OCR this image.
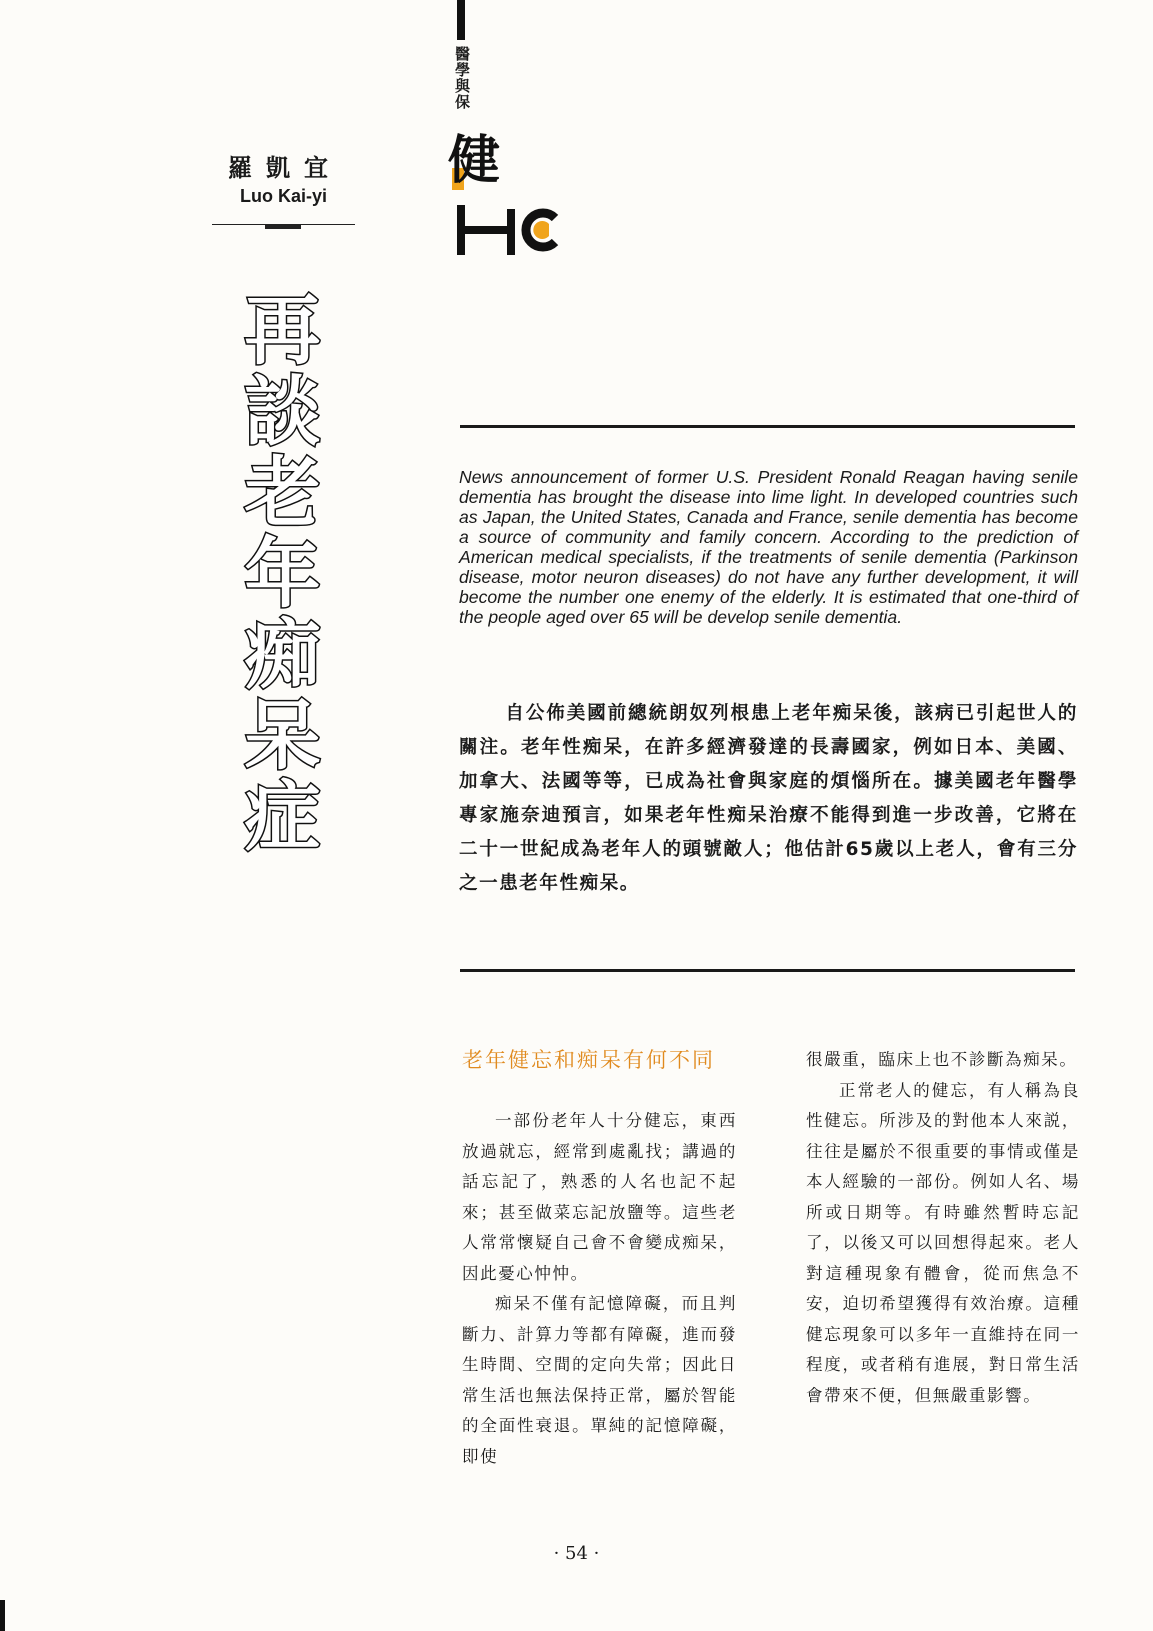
醫學與保
健
羅凱宜
Luo Kai-yi
再談老年痴呆症	News announcement of former U.S. President Ronald Reagan having senile dementia has brought the disease into lime light. In developed countries such as Japan, the United States, Canada and France, senile dementia has become a source of community and family concern. According to the prediction of American medical specialists, if the treatments of senile dementia (Parkinson disease, motor neuron diseases) do not have any further development, it will become the number one enemy of the elderly. It is estimated that one-third of the people aged over 65 will be develop senile dementia.

自公佈美國前總統朗奴列根患上老年痴呆後，該病已引起世人的關注。老年性痴呆，在許多經濟發達的長壽國家，例如日本、美國、加拿大、法國等等，已成為社會與家庭的煩惱所在。據美國老年醫學專家施奈迪預言，如果老年性痴呆治療不能得到進一步改善，它將在二十一世紀成為老年人的頭號敵人；他估計65歲以上老人，會有三分之一患老年性痴呆。

老年健忘和痴呆有何不同

一部份老年人十分健忘，東西放過就忘，經常到處亂找；講過的話忘記了，熟悉的人名也記不起來；甚至做菜忘記放鹽等。這些老人常常懷疑自己會不會變成痴呆，因此憂心忡忡。

痴呆不僅有記憶障礙，而且判斷力、計算力等都有障礙，進而發生時間、空間的定向失常；因此日常生活也無法保持正常，屬於智能的全面性衰退。單純的記憶障礙，即使

很嚴重，臨床上也不診斷為痴呆。

正常老人的健忘，有人稱為良性健忘。所涉及的對他本人來説，往往是屬於不很重要的事情或僅是本人經驗的一部份。例如人名、場所或日期等。有時雖然暫時忘記了，以後又可以回想得起來。老人對這種現象有體會，從而焦急不安，迫切希望獲得有效治療。這種健忘現象可以多年一直維持在同一程度，或者稍有進展，對日常生活會帶來不便，但無嚴重影響。

· 54 ·
